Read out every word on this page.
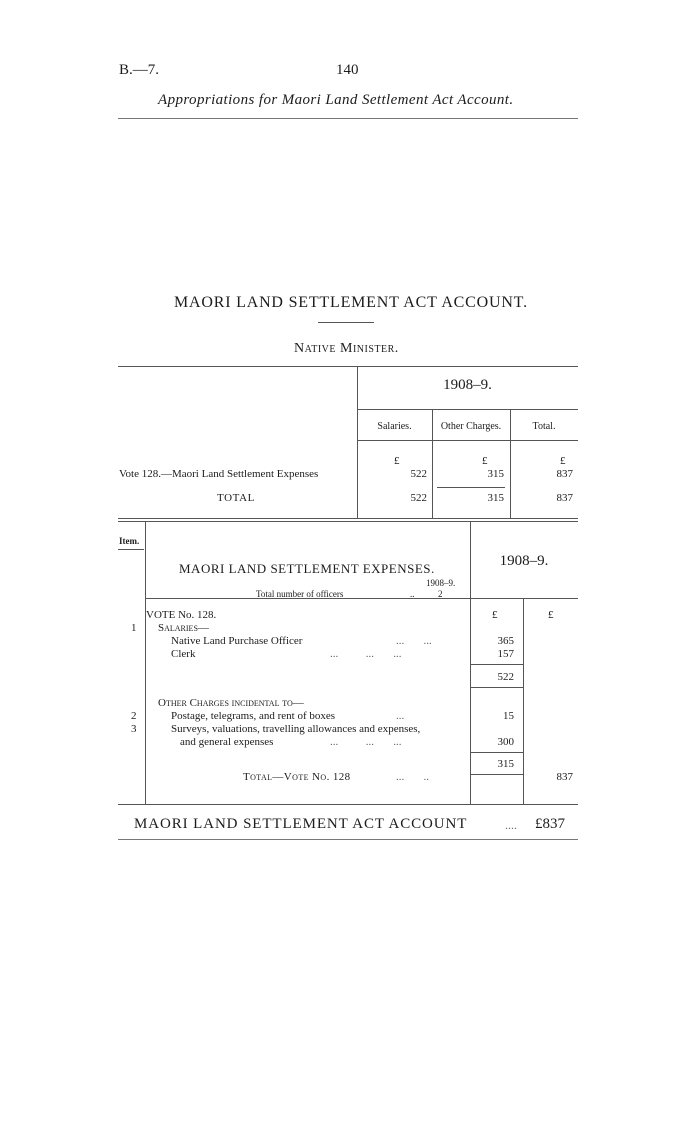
B.—7.	140
Appropriations for Maori Land Settlement Act Account.
MAORI LAND SETTLEMENT ACT ACCOUNT.
Native Minister.
1908–9.
Salaries.	Other Charges.	Total.
£	£	£
Vote 128.—Maori Land Settlement Expenses	522	315	837
TOTAL	522	315	837
Item.
MAORI LAND SETTLEMENT EXPENSES.	1908–9.
1908–9.
Total number of officers	..	2
VOTE No. 128.	£	£
1 Salaries—
Native Land Purchase Officer	...       ...	365
Clerk	...          ...       ...	157
522
Other Charges incidental to—
2	Postage, telegrams, and rent of boxes	...	15
3	Surveys, valuations, travelling allowances and expenses,
and general expenses	...          ...       ...	300
315
Total—Vote No. 128	...       ..	837
MAORI LAND SETTLEMENT ACT ACCOUNT	.... £837
